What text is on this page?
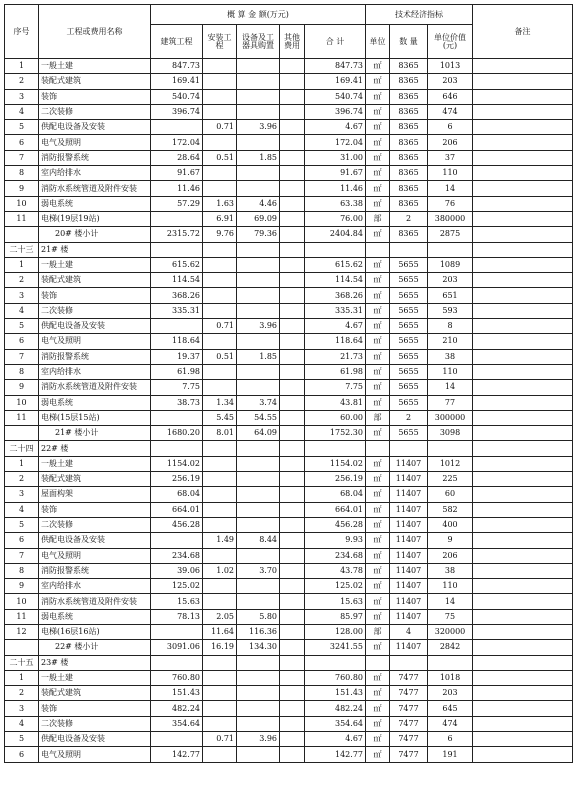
序号	工程或费用名称	概 算 金 额(万元)					技术经济指标			备注
		建筑工程	安装工程	设备及工器具购置	其他费用	合 计	单位	数 量	单位价值(元)	
1	一般土建	847.73				847.73	㎡	8365	1013	
2	装配式建筑	169.41				169.41	㎡	8365	203	
3	装饰	540.74				540.74	㎡	8365	646	
4	二次装修	396.74				396.74	㎡	8365	474	
5	供配电设备及安装		0.71	3.96		4.67	㎡	8365	6	
6	电气及照明	172.04				172.04	㎡	8365	206	
7	消防报警系统	28.64	0.51	1.85		31.00	㎡	8365	37	
8	室内给排水	91.67				91.67	㎡	8365	110	
9	消防水系统管道及附件安装	11.46				11.46	㎡	8365	14	
10	弱电系统	57.29	1.63	4.46		63.38	㎡	8365	76	
11	电梯(19层19站)		6.91	69.09		76.00	部	2	380000	
	20# 楼小计	2315.72	9.76	79.36		2404.84	㎡	8365	2875	
二十三	21# 楼									
1	一般土建	615.62				615.62	㎡	5655	1089	
2	装配式建筑	114.54				114.54	㎡	5655	203	
3	装饰	368.26				368.26	㎡	5655	651	
4	二次装修	335.31				335.31	㎡	5655	593	
5	供配电设备及安装		0.71	3.96		4.67	㎡	5655	8	
6	电气及照明	118.64				118.64	㎡	5655	210	
7	消防报警系统	19.37	0.51	1.85		21.73	㎡	5655	38	
8	室内给排水	61.98				61.98	㎡	5655	110	
9	消防水系统管道及附件安装	7.75				7.75	㎡	5655	14	
10	弱电系统	38.73	1.34	3.74		43.81	㎡	5655	77	
11	电梯(15层15站)		5.45	54.55		60.00	部	2	300000	
	21# 楼小计	1680.20	8.01	64.09		1752.30	㎡	5655	3098	
二十四	22# 楼									
1	一般土建	1154.02				1154.02	㎡	11407	1012	
2	装配式建筑	256.19				256.19	㎡	11407	225	
3	屋面构架	68.04				68.04	㎡	11407	60	
4	装饰	664.01				664.01	㎡	11407	582	
5	二次装修	456.28				456.28	㎡	11407	400	
6	供配电设备及安装		1.49	8.44		9.93	㎡	11407	9	
7	电气及照明	234.68				234.68	㎡	11407	206	
8	消防报警系统	39.06	1.02	3.70		43.78	㎡	11407	38	
9	室内给排水	125.02				125.02	㎡	11407	110	
10	消防水系统管道及附件安装	15.63				15.63	㎡	11407	14	
11	弱电系统	78.13	2.05	5.80		85.97	㎡	11407	75	
12	电梯(16层16站)		11.64	116.36		128.00	部	4	320000	
	22# 楼小计	3091.06	16.19	134.30		3241.55	㎡	11407	2842	
二十五	23# 楼									
1	一般土建	760.80				760.80	㎡	7477	1018	
2	装配式建筑	151.43				151.43	㎡	7477	203	
3	装饰	482.24				482.24	㎡	7477	645	
4	二次装修	354.64				354.64	㎡	7477	474	
5	供配电设备及安装		0.71	3.96		4.67	㎡	7477	6	
6	电气及照明	142.77				142.77	㎡	7477	191	
